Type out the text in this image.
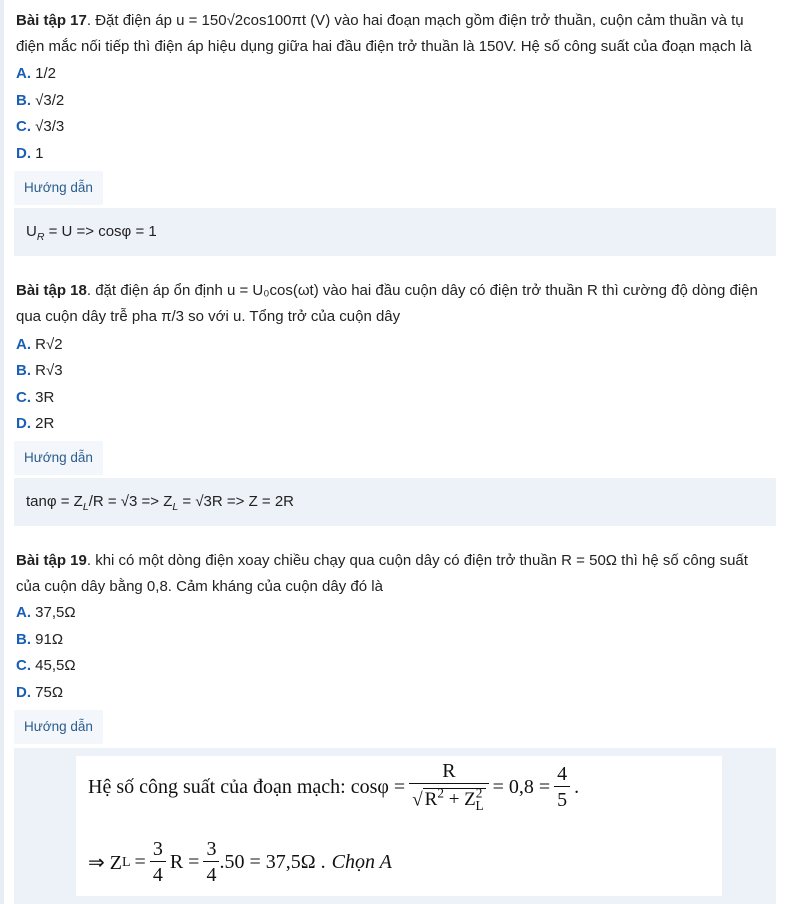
Bài tập 17. Đặt điện áp u = 150√2cos100πt (V) vào hai đoạn mạch gồm điện trở thuần, cuộn cảm thuần và tụ điện mắc nối tiếp thì điện áp hiệu dụng giữa hai đầu điện trở thuần là 150V. Hệ số công suất của đoạn mạch là

A. 1/2
B. √3/2
C. √3/3
D. 1
Hướng dẫn
$U_R = U => \cos\varphi = 1$

Bài tập 18. đặt điện áp ổn định u = U₀cos(ωt) vào hai đầu cuộn dây có điện trở thuần R thì cường độ dòng điện qua cuộn dây trễ pha π/3 so với u. Tổng trở của cuộn dây

A. R√2
B. R√3
C. 3R
D. 2R
Hướng dẫn
$\tan\varphi = Z_L/R = √3 => Z_L = √3R => Z = 2R$

Bài tập 19. khi có một dòng điện xoay chiều chạy qua cuộn dây có điện trở thuần R = 50Ω thì hệ số công suất của cuộn dây bằng 0,8. Cảm kháng của cuộn dây đó là

A. 37,5Ω
B. 91Ω
C. 45,5Ω
D. 75Ω
Hướng dẫn
Hệ số công suất của đoạn mạch: $\cos\varphi = \frac{R}{√ R^2 + Z^2_L} = 0,8 = \frac{4}{5}$ .
⇒ Z $L = \frac{3}{4}$ $R = \frac{3}{4} .50 = 37,5\Omega$ . Chọn A
